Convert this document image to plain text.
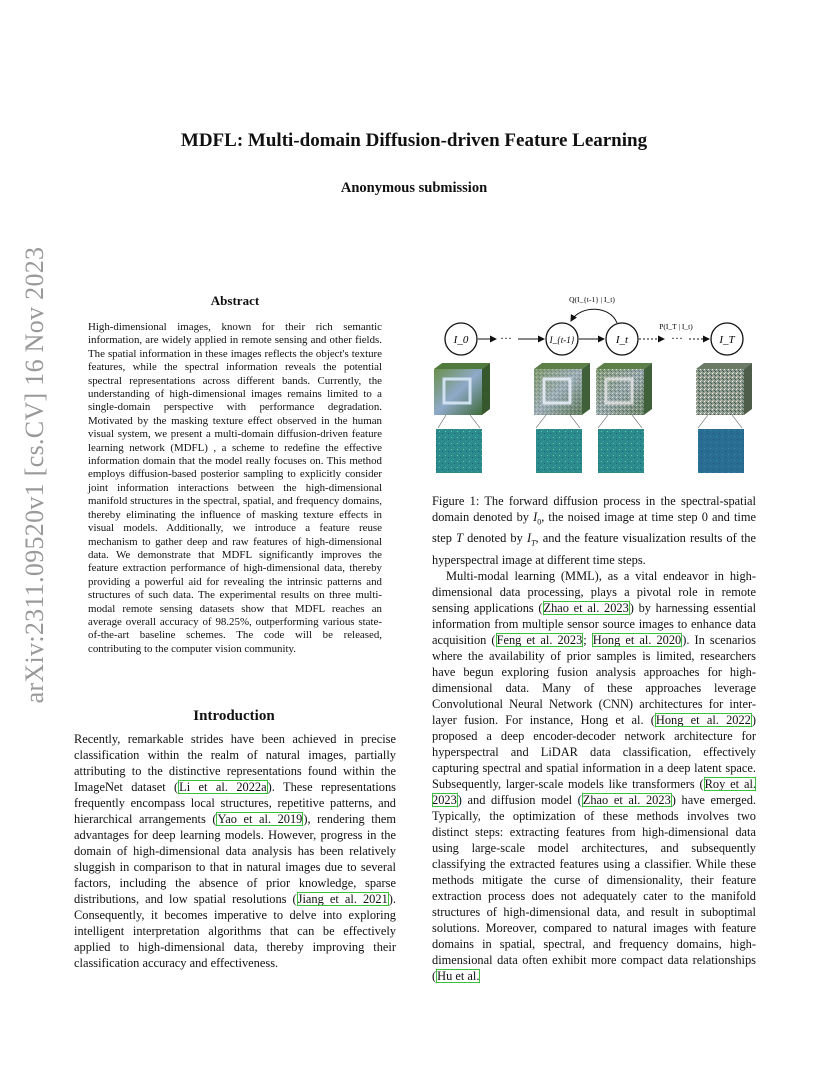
arXiv:2311.09520v1 [cs.CV] 16 Nov 2023
MDFL: Multi-domain Diffusion-driven Feature Learning
Anonymous submission
Abstract
High-dimensional images, known for their rich semantic information, are widely applied in remote sensing and other fields. The spatial information in these images reflects the object's texture features, while the spectral information reveals the potential spectral representations across different bands. Currently, the understanding of high-dimensional images remains limited to a single-domain perspective with performance degradation. Motivated by the masking texture effect observed in the human visual system, we present a multi-domain diffusion-driven feature learning network (MDFL) , a scheme to redefine the effective information domain that the model really focuses on. This method employs diffusion-based posterior sampling to explicitly consider joint information interactions between the high-dimensional manifold structures in the spectral, spatial, and frequency domains, thereby eliminating the influence of masking texture effects in visual models. Additionally, we introduce a feature reuse mechanism to gather deep and raw features of high-dimensional data. We demonstrate that MDFL significantly improves the feature extraction performance of high-dimensional data, thereby providing a powerful aid for revealing the intrinsic patterns and structures of such data. The experimental results on three multi-modal remote sensing datasets show that MDFL reaches an average overall accuracy of 98.25%, outperforming various state-of-the-art baseline schemes. The code will be released, contributing to the computer vision community.
Introduction
Recently, remarkable strides have been achieved in precise classification within the realm of natural images, partially attributing to the distinctive representations found within the ImageNet dataset (Li et al. 2022a). These representations frequently encompass local structures, repetitive patterns, and hierarchical arrangements (Yao et al. 2019), rendering them advantages for deep learning models. However, progress in the domain of high-dimensional data analysis has been relatively sluggish in comparison to that in natural images due to several factors, including the absence of prior knowledge, sparse distributions, and low spatial resolutions (Jiang et al. 2021). Consequently, it becomes imperative to delve into exploring intelligent interpretation algorithms that can be effectively applied to high-dimensional data, thereby improving their classification accuracy and effectiveness.
Q(I_{t-1} | I_t)
P(I_T | I_t)
I_0	I_{t-1}	I_t	I_T
···	···
Figure 1: The forward diffusion process in the spectral-spatial domain denoted by $I_0$, the noised image at time step 0 and time step T denoted by $I_T$, and the feature visualization results of the hyperspectral image at different time steps.
Multi-modal learning (MML), as a vital endeavor in high-dimensional data processing, plays a pivotal role in remote sensing applications (Zhao et al. 2023) by harnessing essential information from multiple sensor source images to enhance data acquisition (Feng et al. 2023; Hong et al. 2020). In scenarios where the availability of prior samples is limited, researchers have begun exploring fusion analysis approaches for high-dimensional data. Many of these approaches leverage Convolutional Neural Network (CNN) architectures for inter-layer fusion. For instance, Hong et al. (Hong et al. 2022) proposed a deep encoder-decoder network architecture for hyperspectral and LiDAR data classification, effectively capturing spectral and spatial information in a deep latent space. Subsequently, larger-scale models like transformers (Roy et al. 2023) and diffusion model (Zhao et al. 2023) have emerged. Typically, the optimization of these methods involves two distinct steps: extracting features from high-dimensional data using large-scale model architectures, and subsequently classifying the extracted features using a classifier. While these methods mitigate the curse of dimensionality, their feature extraction process does not adequately cater to the manifold structures of high-dimensional data, and result in suboptimal solutions. Moreover, compared to natural images with feature domains in spatial, spectral, and frequency domains, high-dimensional data often exhibit more compact data relationships (Hu et al.
